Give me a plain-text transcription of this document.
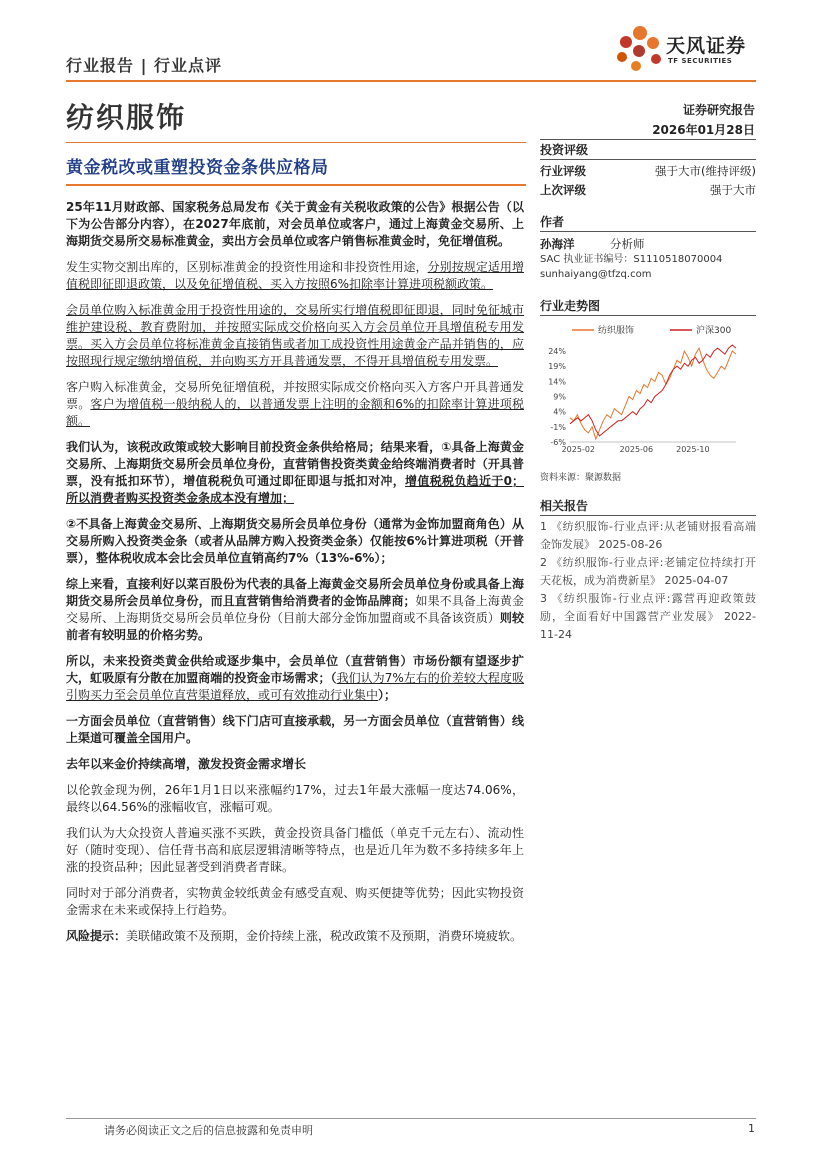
行业报告 | 行业点评
天风证券
TF SECURITIES
纺织服饰	证券研究报告
2026年01月28日
黄金税改或重塑投资金条供应格局

25年11月财政部、国家税务总局发布《关于黄金有关税收政策的公告》根据公告（以下为公告部分内容），在2027年底前，对会员单位或客户，通过上海黄金交易所、上海期货交易所交易标准黄金，卖出方会员单位或客户销售标准黄金时，免征增值税。

发生实物交割出库的，区别标准黄金的投资性用途和非投资性用途，分别按规定适用增值税即征即退政策，以及免征增值税、买入方按照6%扣除率计算进项税额政策。

会员单位购入标准黄金用于投资性用途的，交易所实行增值税即征即退，同时免征城市维护建设税、教育费附加，并按照实际成交价格向买入方会员单位开具增值税专用发票。买入方会员单位将标准黄金直接销售或者加工成投资性用途黄金产品并销售的，应按照现行规定缴纳增值税，并向购买方开具普通发票，不得开具增值税专用发票。

客户购入标准黄金，交易所免征增值税，并按照实际成交价格向买入方客户开具普通发票。客户为增值税一般纳税人的，以普通发票上注明的金额和6%的扣除率计算进项税额。

我们认为，该税改政策或较大影响目前投资金条供给格局；结果来看，①具备上海黄金交易所、上海期货交易所会员单位身份，直营销售投资类黄金给终端消费者时（开具普票，没有抵扣环节），增值税税负可通过即征即退与抵扣对冲，增值税税负趋近于0；所以消费者购买投资类金条成本没有增加；

②不具备上海黄金交易所、上海期货交易所会员单位身份（通常为金饰加盟商角色）从交易所购入投资类金条（或者从品牌方购入投资类金条）仅能按6%计算进项税（开普票），整体税收成本会比会员单位直销高约7%（13%-6%）；

综上来看，直接利好以菜百股份为代表的具备上海黄金交易所会员单位身份或具备上海期货交易所会员单位身份，而且直营销售给消费者的金饰品牌商；如果不具备上海黄金交易所、上海期货交易所会员单位身份（目前大部分金饰加盟商或不具备该资质）则较前者有较明显的价格劣势。

所以，未来投资类黄金供给或逐步集中，会员单位（直营销售）市场份额有望逐步扩大，虹吸原有分散在加盟商端的投资金市场需求；（我们认为7%左右的价差较大程度吸引购买力至会员单位直营渠道释放，或可有效推动行业集中）；

一方面会员单位（直营销售）线下门店可直接承载，另一方面会员单位（直营销售）线上渠道可覆盖全国用户。

去年以来金价持续高增，激发投资金需求增长

以伦敦金现为例，26年1月1日以来涨幅约17%，过去1年最大涨幅一度达74.06%，最终以64.56%的涨幅收官，涨幅可观。

我们认为大众投资人普遍买涨不买跌，黄金投资具备门槛低（单克千元左右）、流动性好（随时变现）、信任背书高和底层逻辑清晰等特点，也是近几年为数不多持续多年上涨的投资品种；因此显著受到消费者青睐。

同时对于部分消费者，实物黄金较纸黄金有感受直观、购买便捷等优势；因此实物投资金需求在未来或保持上行趋势。

风险提示：美联储政策不及预期，金价持续上涨，税改政策不及预期，消费环境疲软。

投资评级
行业评级	强于大市(维持评级)
上次评级	强于大市
作者
孙海洋	分析师
SAC 执业证书编号：S1110518070004
sunhaiyang@tfzq.com
行业走势图
纺织服饰	沪深300
-6%
-1%
4%
9%
14%
19%
24%
2025-02	2025-06	2025-10
资料来源：聚源数据
相关报告
1 《纺织服饰-行业点评:从老铺财报看高端金饰发展》 2025-08-26
2 《纺织服饰-行业点评:老铺定位持续打开天花板，成为消费新星》 2025-04-07
3 《纺织服饰-行业点评:露营再迎政策鼓励，全面看好中国露营产业发展》 2022-11-24
请务必阅读正文之后的信息披露和免责申明	1
